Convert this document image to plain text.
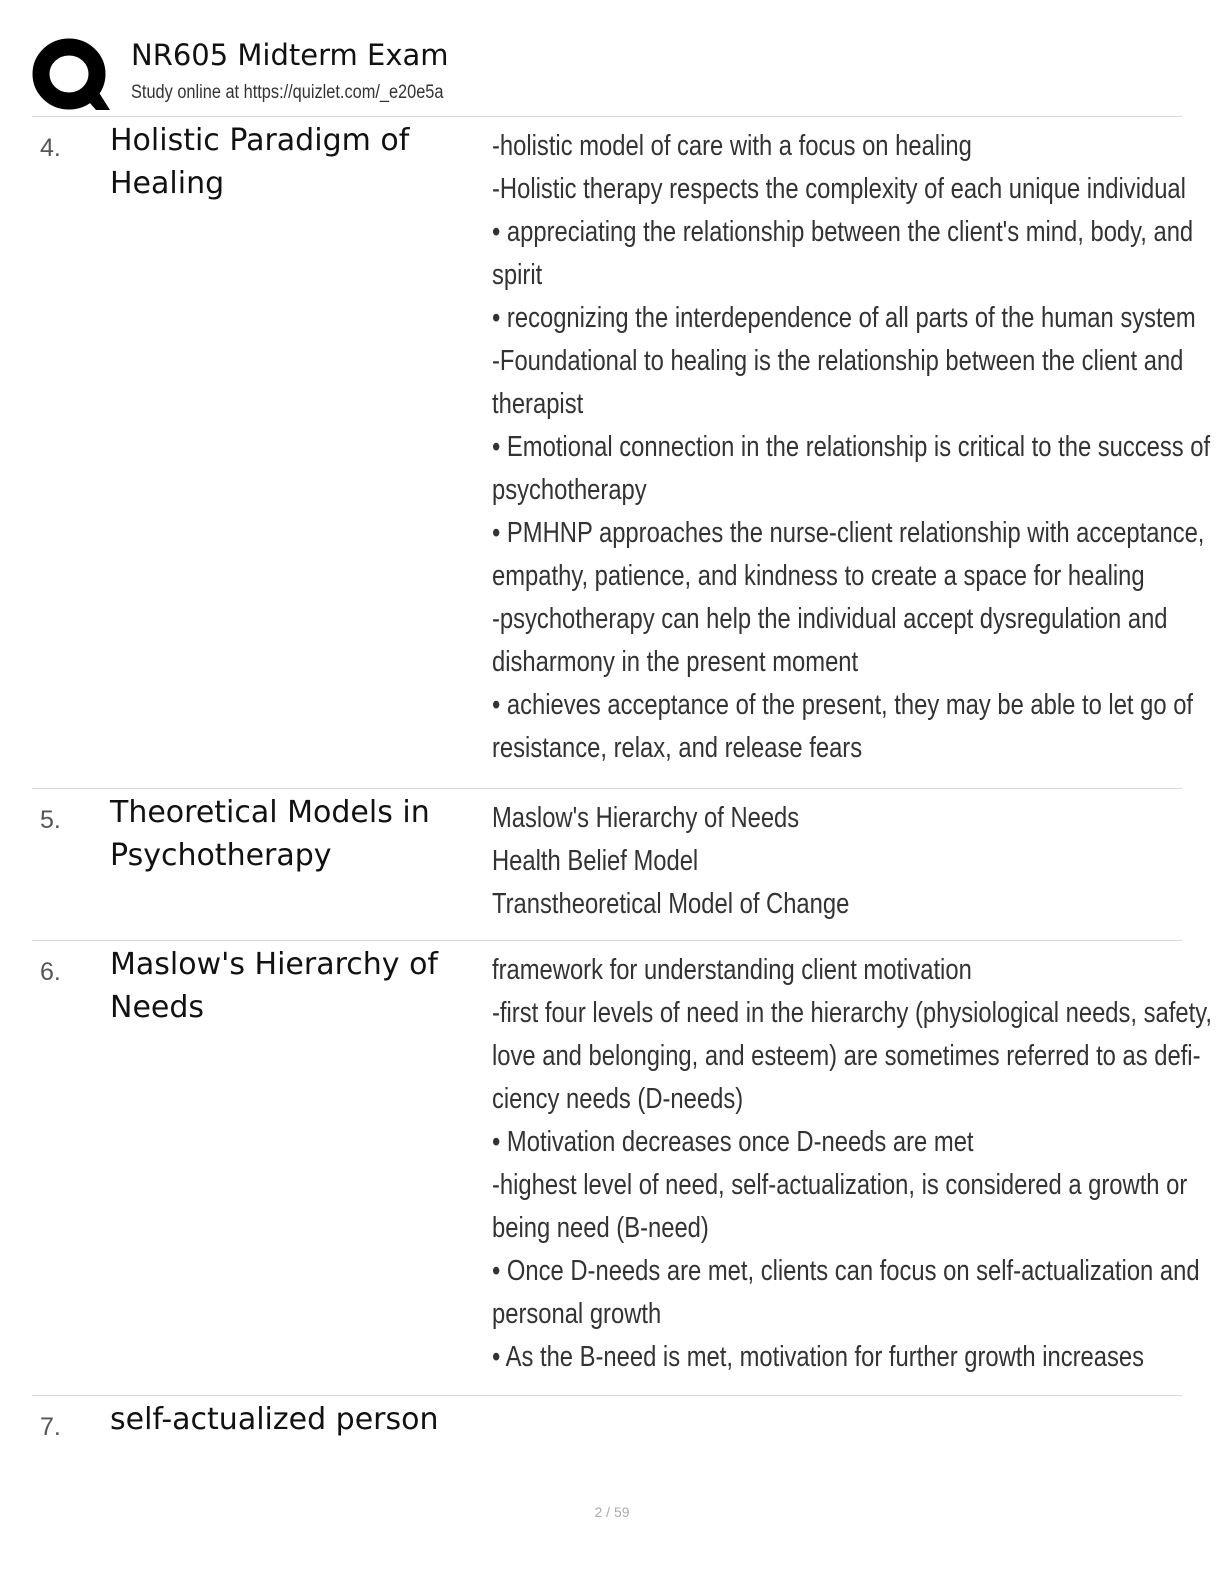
NR605 Midterm Exam
Study online at https://quizlet.com/_e20e5a
4. Holistic Paradigm of Healing
-holistic model of care with a focus on healing
-Holistic therapy respects the complexity of each unique individual
• appreciating the relationship between the client's mind, body, and
spirit
• recognizing the interdependence of all parts of the human system
-Foundational to healing is the relationship between the client and
therapist
• Emotional connection in the relationship is critical to the success of
psychotherapy
• PMHNP approaches the nurse-client relationship with acceptance,
empathy, patience, and kindness to create a space for healing
-psychotherapy can help the individual accept dysregulation and
disharmony in the present moment
• achieves acceptance of the present, they may be able to let go of
resistance, relax, and release fears
5. Theoretical Models in Psychotherapy
Maslow's Hierarchy of Needs
Health Belief Model
Transtheoretical Model of Change
6. Maslow's Hierarchy of Needs
framework for understanding client motivation
-first four levels of need in the hierarchy (physiological needs, safety,
love and belonging, and esteem) are sometimes referred to as defi-
ciency needs (D-needs)
• Motivation decreases once D-needs are met
-highest level of need, self-actualization, is considered a growth or
being need (B-need)
• Once D-needs are met, clients can focus on self-actualization and
personal growth
• As the B-need is met, motivation for further growth increases
7. self-actualized person
2 / 59
